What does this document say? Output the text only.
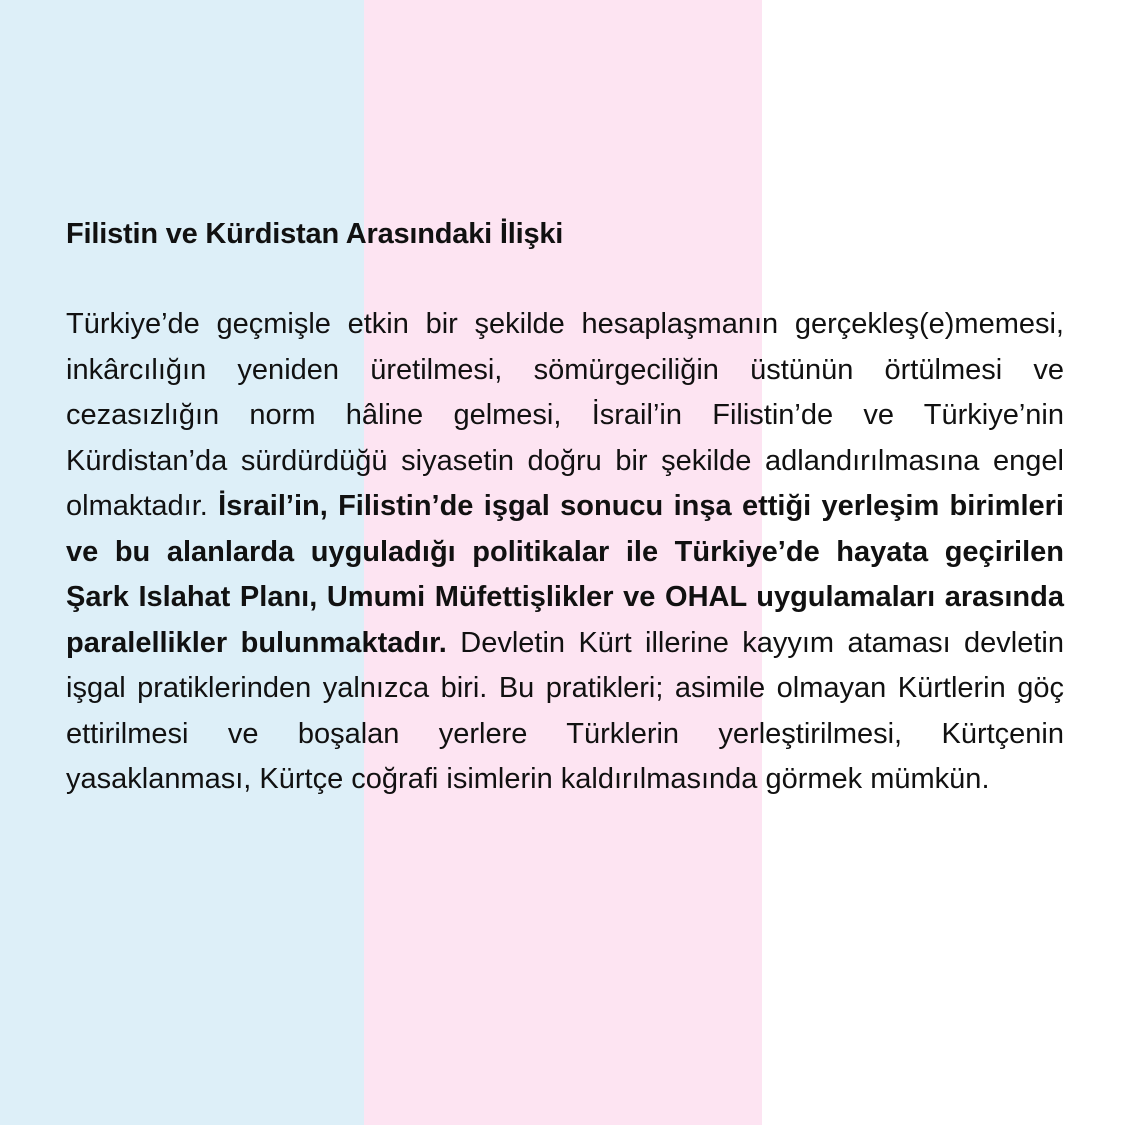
Filistin ve Kürdistan Arasındaki İlişki

Türkiye’de geçmişle etkin bir şekilde hesaplaşmanın gerçekleş(e)memesi, inkârcılığın yeniden üretilmesi, sömürgeciliğin üstünün örtülmesi ve cezasızlığın norm hâline gelmesi, İsrail’in Filistin’de ve Türkiye’nin Kürdistan’da sürdürdüğü siyasetin doğru bir şekilde adlandırılmasına engel olmaktadır. İsrail’in, Filistin’de işgal sonucu inşa ettiği yerleşim birimleri ve bu alanlarda uyguladığı politikalar ile Türkiye’de hayata geçirilen Şark Islahat Planı, Umumi Müfettişlikler ve OHAL uygulamaları arasında paralellikler bulunmaktadır. Devletin Kürt illerine kayyım ataması devletin işgal pratiklerinden yalnızca biri. Bu pratikleri; asimile olmayan Kürtlerin göç ettirilmesi ve boşalan yerlere Türklerin yerleştirilmesi, Kürtçenin yasaklanması, Kürtçe coğrafi isimlerin kaldırılmasında görmek mümkün.
